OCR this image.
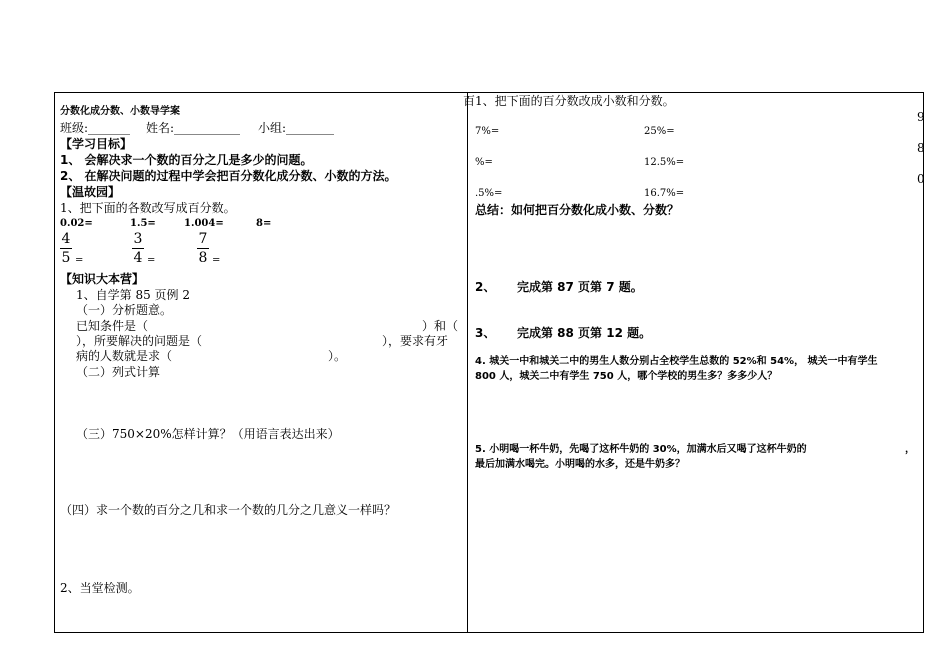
分数化成分数、小数导学案
班级:_______ 姓名:___________ 小组:________
【学习目标】
1、 会解决求一个数的百分之几是多少的问题。
2、 在解决问题的过程中学会把百分数化成分数、小数的方法。
【温故园】
1、把下面的各数改写成百分数。
0.02=	1.5=	1.004=	8=
4
5 =
3
4 =
7
8 =
【知识大本营】
1、自学第 85 页例 2
（一）分析题意。
已知条件是（	）和（
），所要解决的问题是（	），要求有牙
病的人数就是求（	）。
（二）列式计算
（三）750×20%怎样计算？（用语言表达出来）
（四）求一个数的百分之几和求一个数的几分之几意义一样吗？
2、当堂检测。
百 1、把下面的百分数改成小数和分数。
9
8
0
7%=	25%=
%=	12.5%=
.5%=	16.7%=
总结：如何把百分数化成小数、分数？
2、 完成第 87 页第 7 题。
3、 完成第 88 页第 12 题。
4. 城关一中和城关二中的男生人数分别占全校学生总数的 52%和 54%， 城关一中有学生
800 人，城关二中有学生 750 人，哪个学校的男生多？多多少人？
5. 小明喝一杯牛奶，先喝了这杯牛奶的 30%，加满水后又喝了这杯牛奶的	，
最后加满水喝完。小明喝的水多，还是牛奶多？
